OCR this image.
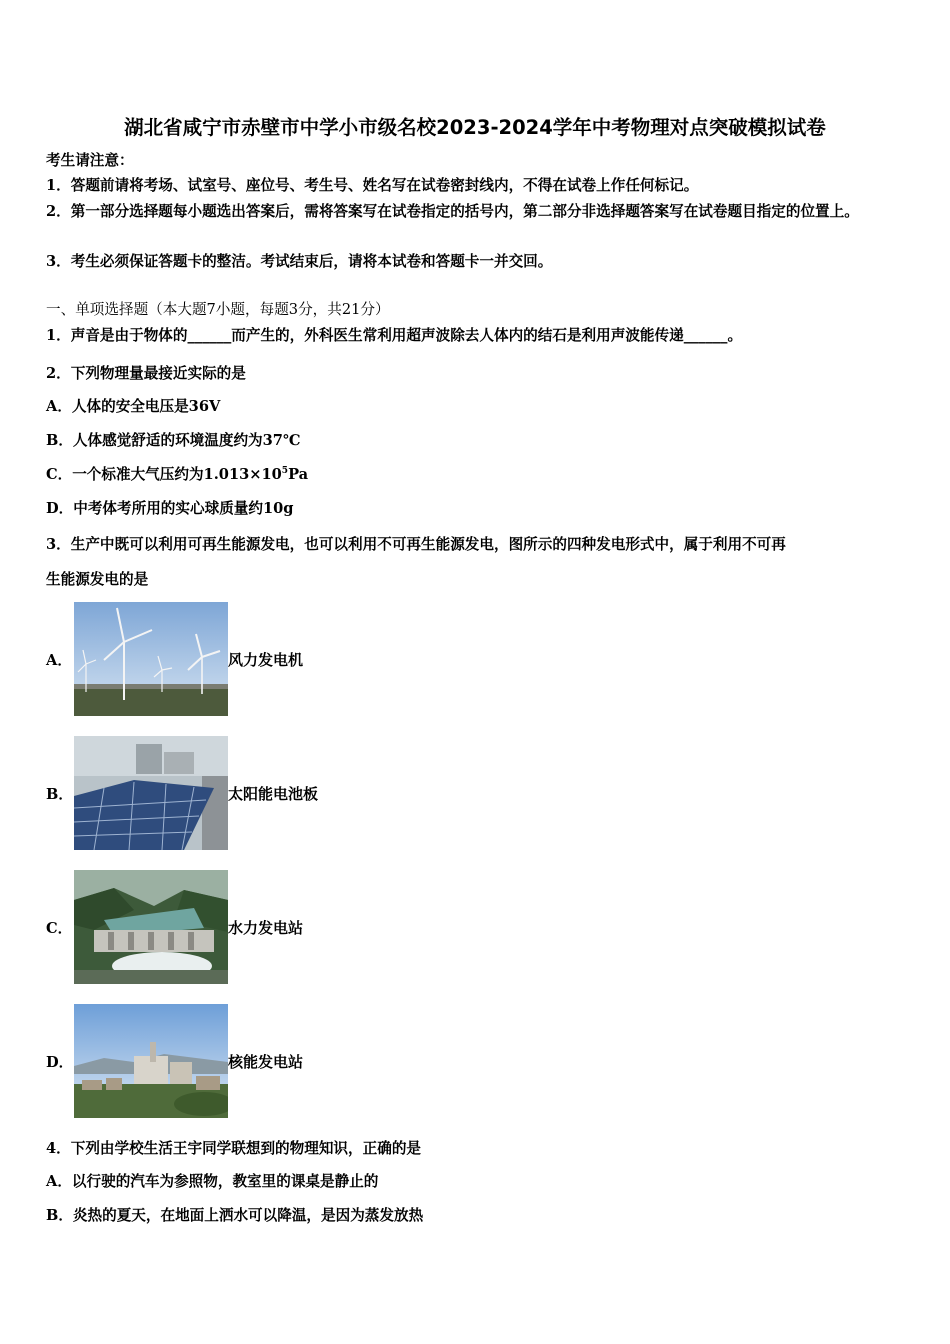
湖北省咸宁市赤壁市中学小市级名校2023-2024学年中考物理对点突破模拟试卷
考生请注意：
1．答题前请将考场、试室号、座位号、考生号、姓名写在试卷密封线内，不得在试卷上作任何标记。
2．第一部分选择题每小题选出答案后，需将答案写在试卷指定的括号内，第二部分非选择题答案写在试卷题目指定的位置上。
3．考生必须保证答题卡的整洁。考试结束后，请将本试卷和答题卡一并交回。
一、单项选择题（本大题7小题，每题3分，共21分）
1．声音是由于物体的______而产生的，外科医生常利用超声波除去人体内的结石是利用声波能传递______。
2．下列物理量最接近实际的是
A．人体的安全电压是36V
B．人体感觉舒适的环境温度约为37℃
C．一个标准大气压约为$1.013\times 10^5Pa$
D．中考体考所用的实心球质量约10g
3．生产中既可以利用可再生能源发电，也可以利用不可再生能源发电，图所示的四种发电形式中，属于利用不可再
生能源发电的是
A．	风力发电机
B．	太阳能电池板
C．	水力发电站
D．	核能发电站
4．下列由学校生活王宇同学联想到的物理知识，正确的是
A．以行驶的汽车为参照物，教室里的课桌是静止的
B．炎热的夏天，在地面上洒水可以降温，是因为蒸发放热
